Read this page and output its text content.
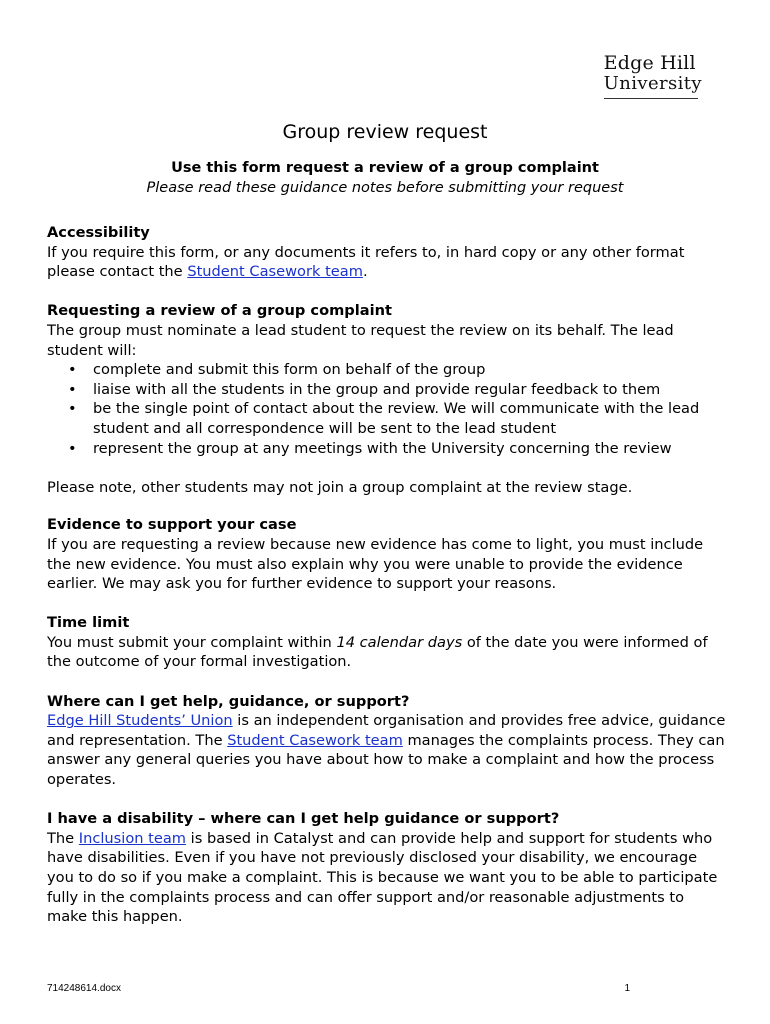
Edge Hill
University
Group review request
Use this form request a review of a group complaint
Please read these guidance notes before submitting your request
Accessibility

If you require this form, or any documents it refers to, in hard copy or any other format please contact the Student Casework team.

Requesting a review of a group complaint

The group must nominate a lead student to request the review on its behalf. The lead student will:

• complete and submit this form on behalf of the group
• liaise with all the students in the group and provide regular feedback to them
• be the single point of contact about the review. We will communicate with the lead student and all correspondence will be sent to the lead student
• represent the group at any meetings with the University concerning the review

Please note, other students may not join a group complaint at the review stage.

Evidence to support your case

If you are requesting a review because new evidence has come to light, you must include the new evidence. You must also explain why you were unable to provide the evidence earlier. We may ask you for further evidence to support your reasons.

Time limit

You must submit your complaint within 14 calendar days of the date you were informed of the outcome of your formal investigation.

Where can I get help, guidance, or support?

Edge Hill Students’ Union is an independent organisation and provides free advice, guidance and representation. The Student Casework team manages the complaints process. They can answer any general queries you have about how to make a complaint and how the process operates.

I have a disability – where can I get help guidance or support?

The Inclusion team is based in Catalyst and can provide help and support for students who have disabilities. Even if you have not previously disclosed your disability, we encourage you to do so if you make a complaint. This is because we want you to be able to participate fully in the complaints process and can offer support and/or reasonable adjustments to make this happen.

714248614.docx	1
